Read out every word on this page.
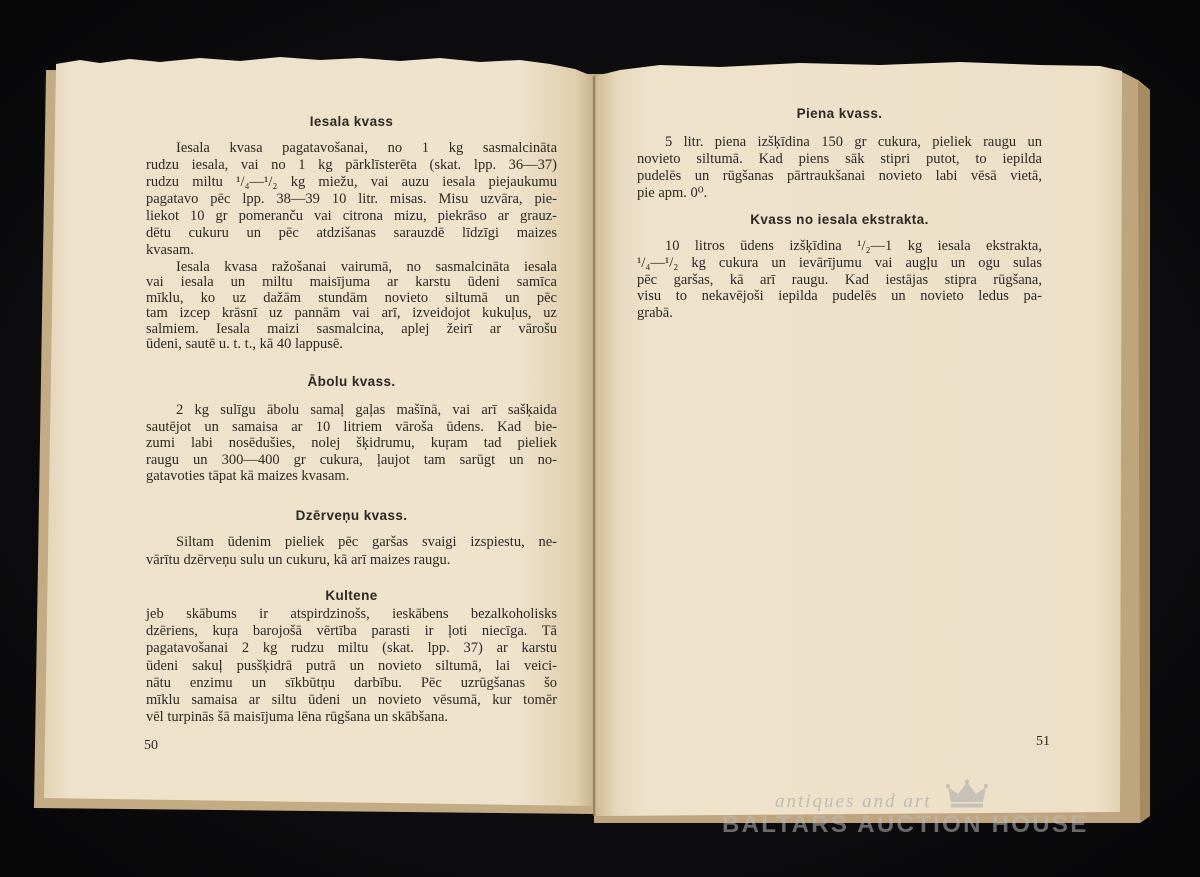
Iesala kvass
Iesala kvasa pagatavošanai, no 1 kg sasmalcināta
rudzu iesala, vai no 1 kg pārklīsterēta (skat. lpp. 36—37)
rudzu miltu ¹/₄—¹/₂ kg miežu, vai auzu iesala piejaukumu
pagatavo pēc lpp. 38—39 10 litr. misas. Misu uzvāra, pie-
liekot 10 gr pomeranču vai citrona mizu, piekrāso ar grauz-
dētu cukuru un pēc atdzišanas sarauzdē līdzīgi maizes
kvasam.
Iesala kvasa ražošanai vairumā, no sasmalcināta iesala
vai iesala un miltu maisījuma ar karstu ūdeni samīca
mīklu, ko uz dažām stundām novieto siltumā un pēc
tam izcep krāsnī uz pannām vai arī, izveidojot kukuļus, uz
salmiem. Iesala maizi sasmalcina, aplej žeirī ar vārošu
ūdeni, sautē u. t. t., kā 40 lappusē.
Ābolu kvass.
2 kg sulīgu ābolu samaļ gaļas mašīnā, vai arī sašķaida
sautējot un samaisa ar 10 litriem vāroša ūdens. Kad bie-
zumi labi nosēdušies, nolej šķidrumu, kuŗam tad pieliek
raugu un 300—400 gr cukura, ļaujot tam sarūgt un no-
gatavoties tāpat kā maizes kvasam.
Dzērveņu kvass.
Siltam ūdenim pieliek pēc garšas svaigi izspiestu, ne-
vārītu dzērveņu sulu un cukuru, kā arī maizes raugu.
Kultene
jeb skābums ir atspirdzinošs, ieskābens bezalkoholisks
dzēriens, kuŗa barojošā vērtība parasti ir ļoti niecīga. Tā
pagatavošanai 2 kg rudzu miltu (skat. lpp. 37) ar karstu
ūdeni sakuļ pusšķidrā putrā un novieto siltumā, lai veici-
nātu enzimu un sīkbūtņu darbību. Pēc uzrūgšanas šo
mīklu samaisa ar siltu ūdeni un novieto vēsumā, kur tomēr
vēl turpinās šā maisījuma lēna rūgšana un skābšana.
50
Piena kvass.
5 litr. piena izšķīdina 150 gr cukura, pieliek raugu un
novieto siltumā. Kad piens sāk stipri putot, to iepilda
pudelēs un rūgšanas pārtraukšanai novieto labi vēsā vietā,
pie apm. 0⁰.
Kvass no iesala ekstrakta.
10 litros ūdens izšķīdina ¹/₂—1 kg iesala ekstrakta,
¹/₄—¹/₂ kg cukura un ievārījumu vai augļu un ogu sulas
pēc garšas, kā arī raugu. Kad iestājas stipra rūgšana,
visu to nekavējoši iepilda pudelēs un novieto ledus pa-
grabā.
51
antiques and art
BALTARS AUCTION HOUSE
